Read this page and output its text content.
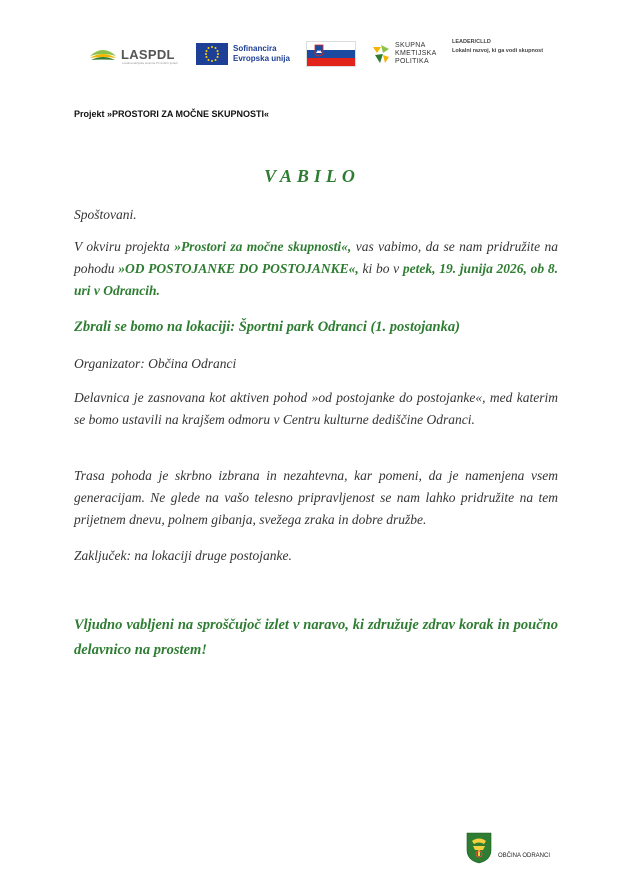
LASPDL
Lokalna akcijska skupina Pri dobrih ljudeh
Sofinancira
Evropska unija
SKUPNA
KMETIJSKA
POLITIKA
LEADER/CLLD
Lokalni razvoj, ki ga vodi skupnost
Projekt »PROSTORI ZA MOČNE SKUPNOSTI«
VABILO
Spoštovani.
V okviru projekta »Prostori za močne skupnosti«, vas vabimo, da se nam pridružite na pohodu »OD POSTOJANKE DO POSTOJANKE«, ki bo v petek, 19. junija 2026, ob 8. uri v Odrancih.
Zbrali se bomo na lokaciji: Športni park Odranci (1. postojanka)
Organizator: Občina Odranci
Delavnica je zasnovana kot aktiven pohod »od postojanke do postojanke«, med katerim se bomo ustavili na krajšem odmoru v Centru kulturne dediščine Odranci.
Trasa pohoda je skrbno izbrana in nezahtevna, kar pomeni, da je namenjena vsem generacijam. Ne glede na vašo telesno pripravljenost se nam lahko pridružite na tem prijetnem dnevu, polnem gibanja, svežega zraka in dobre družbe.
Zaključek: na lokaciji druge postojanke.
Vljudno vabljeni na sproščujoč izlet v naravo, ki združuje zdrav korak in poučno delavnico na prostem!
OBČINA ODRANCI
